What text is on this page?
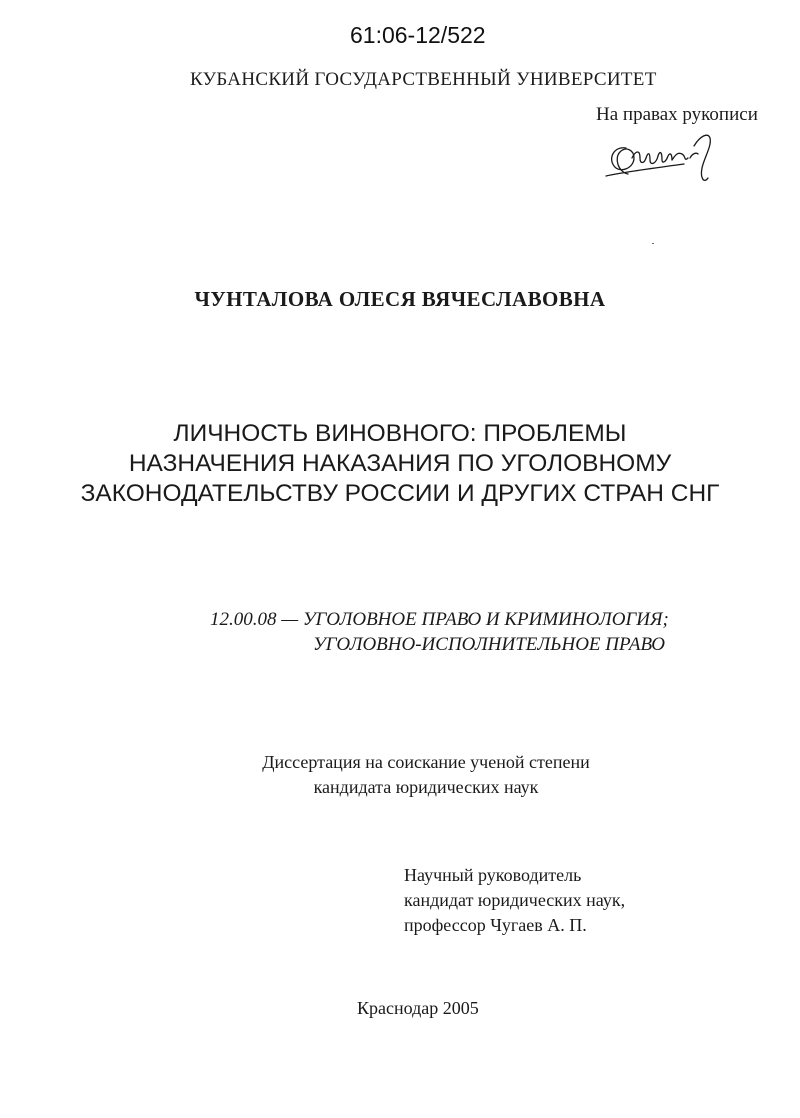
61:06-12/522
КУБАНСКИЙ ГОСУДАРСТВЕННЫЙ УНИВЕРСИТЕТ
На правах рукописи
ЧУНТАЛОВА ОЛЕСЯ ВЯЧЕСЛАВОВНА
ЛИЧНОСТЬ ВИНОВНОГО: ПРОБЛЕМЫ
НАЗНАЧЕНИЯ НАКАЗАНИЯ ПО УГОЛОВНОМУ
ЗАКОНОДАТЕЛЬСТВУ РОССИИ И ДРУГИХ СТРАН СНГ
12.00.08 — УГОЛОВНОЕ ПРАВО И КРИМИНОЛОГИЯ;
УГОЛОВНО-ИСПОЛНИТЕЛЬНОЕ ПРАВО
Диссертация на соискание ученой степени
кандидата юридических наук
Научный руководитель
кандидат юридических наук,
профессор Чугаев А. П.
Краснодар 2005
